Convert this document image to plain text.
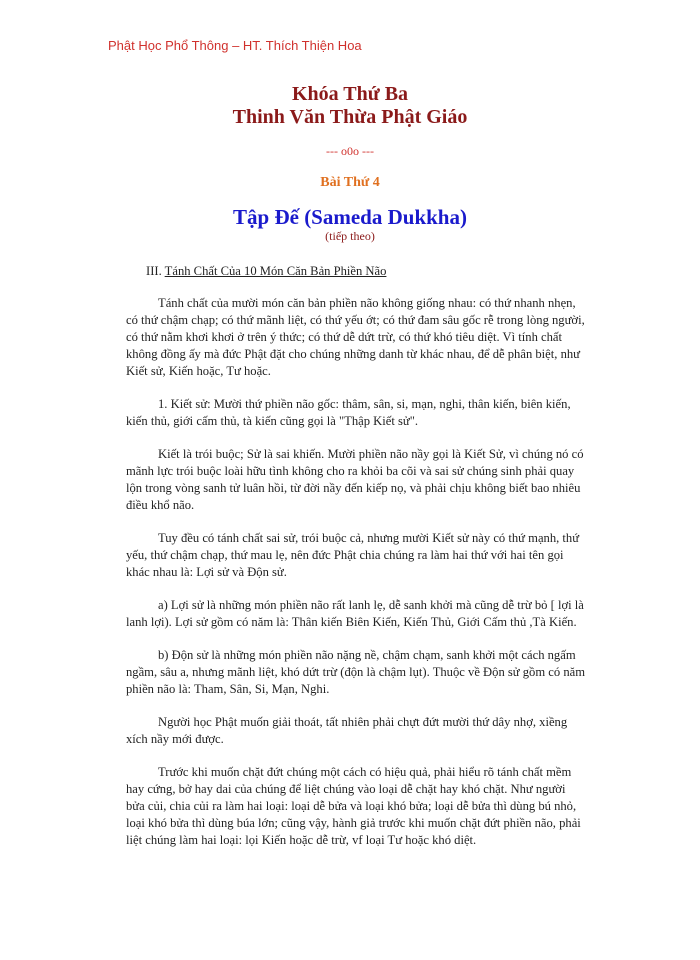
Phật Học Phổ Thông – HT. Thích Thiện Hoa
Khóa Thứ Ba
Thinh Văn Thừa Phật Giáo
--- o0o ---
Bài Thứ 4
Tập Đế (Sameda Dukkha)
(tiếp theo)

III. Tánh Chất Của 10 Món Căn Bản Phiền Não

Tánh chất của mười món căn bản phiền não không giống nhau: có thứ nhanh nhẹn, có thứ chậm chạp; có thứ mãnh liệt, có thứ yếu ớt; có thứ đam sâu gốc rễ trong lòng người, có thứ nằm khơi khơi ở trên ý thức; có thứ dễ dứt trừ, có thứ khó tiêu diệt. Vì tính chất không đồng ấy mà đức Phật đặt cho chúng những danh từ khác nhau, để dễ phân biệt, như Kiết sử, Kiến hoặc, Tư hoặc.

1. Kiết sử: Mười thứ phiền não gốc: thâm, sân, si, mạn, nghi, thân kiến, biên kiến, kiến thủ, giới cấm thủ, tà kiến cũng gọi là "Thập Kiết sử".

Kiết là trói buộc; Sử là sai khiến. Mười phiền não nầy gọi là Kiết Sử, vì chúng nó có mãnh lực trói buộc loài hữu tình không cho ra khỏi ba cõi và sai sử chúng sinh phải quay lộn trong vòng sanh tử luân hồi, từ đời nầy đến kiếp nọ, và phải chịu không biết bao nhiêu điều khổ não.

Tuy đều có tánh chất sai sử, trói buộc cả, nhưng mười Kiết sử này có thứ mạnh, thứ yếu, thứ chậm chạp, thứ mau lẹ, nên đức Phật chia chúng ra làm hai thứ với hai tên gọi khác nhau là: Lợi sử và Độn sử.

a) Lợi sử là những món phiền não rất lanh lẹ, dễ sanh khởi mà cũng dễ trừ bỏ [ lợi là lanh lợi). Lợi sử gồm có năm là: Thân kiến Biên Kiến, Kiến Thủ, Giới Cấm thủ ,Tà Kiến.

b) Độn sử là những món phiền não nặng nề, chậm chạm, sanh khởi một cách ngấm ngầm, sâu a, nhưng mãnh liệt, khó dứt trừ (độn là chậm lụt). Thuộc về Độn sử gồm có năm phiền não là: Tham, Sân, Si, Mạn, Nghi.

Người học Phật muốn giải thoát, tất nhiên phải chựt đứt mười thứ dây nhợ, xiềng xích nầy mới được.

Trước khi muốn chặt đứt chúng một cách có hiệu quả, phải hiểu rõ tánh chất mềm hay cứng, bở hay dai của chúng để liệt chúng vào loại dễ chặt hay khó chặt. Như người bửa củi, chia củi ra làm hai loại: loại dễ bửa và loại khó bửa; loại dễ bửa thì dùng bú nhỏ, loại khó bửa thì dùng búa lớn; cũng vậy, hành giả trước khi muốn chặt đứt phiền não, phải liệt chúng làm hai loại: lọi Kiến hoặc dễ trừ, vf loại Tư hoặc khó diệt.
